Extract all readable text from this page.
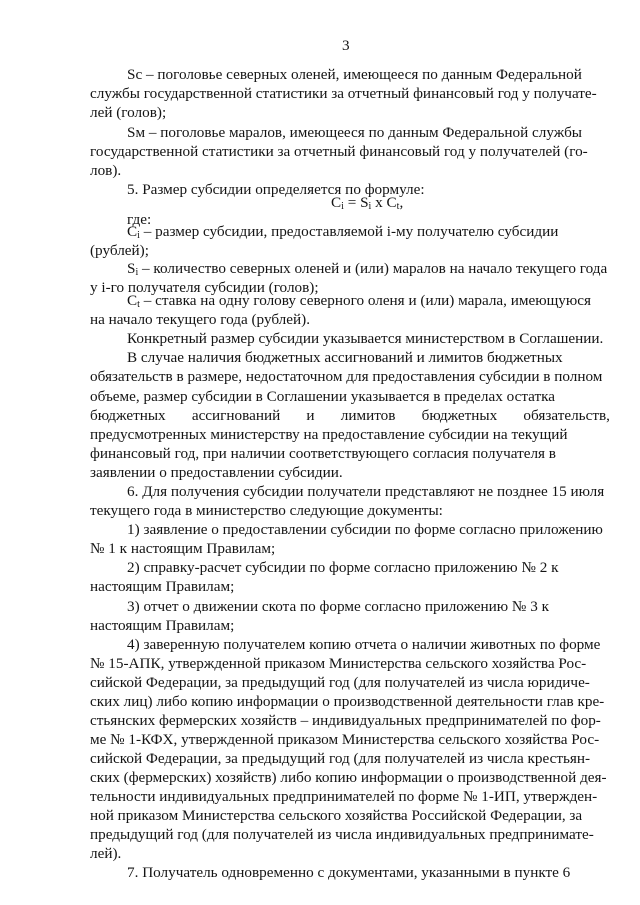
3
Sc – поголовье северных оленей, имеющееся по данным Федеральной
службы государственной статистики за отчетный финансовый год у получате-
лей (голов);
Sм – поголовье маралов, имеющееся по данным Федеральной службы
государственной статистики за отчетный финансовый год у получателей (го-
лов).
5. Размер субсидии определяется по формуле:
$C_i = S_i$ x $C_t$,
где:
$C_i$ – размер субсидии, предоставляемой i-му получателю субсидии
(рублей);
$S_i$ – количество северных оленей и (или) маралов на начало текущего года
у i-го получателя субсидии (голов);
$C_t$ – ставка на одну голову северного оленя и (или) марала, имеющуюся
на начало текущего года (рублей).
Конкретный размер субсидии указывается министерством в Соглашении.
В случае наличия бюджетных ассигнований и лимитов бюджетных
обязательств в размере, недостаточном для предоставления субсидии в полном
объеме, размер субсидии в Соглашении указывается в пределах остатка
бюджетных ассигнований и лимитов бюджетных обязательств,
предусмотренных министерству на предоставление субсидии на текущий
финансовый год, при наличии соответствующего согласия получателя в
заявлении о предоставлении субсидии.
6. Для получения субсидии получатели представляют не позднее 15 июля
текущего года в министерство следующие документы:
1) заявление о предоставлении субсидии по форме согласно приложению
№ 1 к настоящим Правилам;
2) справку-расчет субсидии по форме согласно приложению № 2 к
настоящим Правилам;
3) отчет о движении скота по форме согласно приложению № 3 к
настоящим Правилам;
4) заверенную получателем копию отчета о наличии животных по форме
№ 15-АПК, утвержденной приказом Министерства сельского хозяйства Рос-
сийской Федерации, за предыдущий год (для получателей из числа юридиче-
ских лиц) либо копию информации о производственной деятельности глав кре-
стьянских фермерских хозяйств – индивидуальных предпринимателей по фор-
ме № 1-КФХ, утвержденной приказом Министерства сельского хозяйства Рос-
сийской Федерации, за предыдущий год (для получателей из числа крестьян-
ских (фермерских) хозяйств) либо копию информации о производственной дея-
тельности индивидуальных предпринимателей по форме № 1-ИП, утвержден-
ной приказом Министерства сельского хозяйства Российской Федерации, за
предыдущий год (для получателей из числа индивидуальных предпринимате-
лей).
7. Получатель одновременно с документами, указанными в пункте 6
